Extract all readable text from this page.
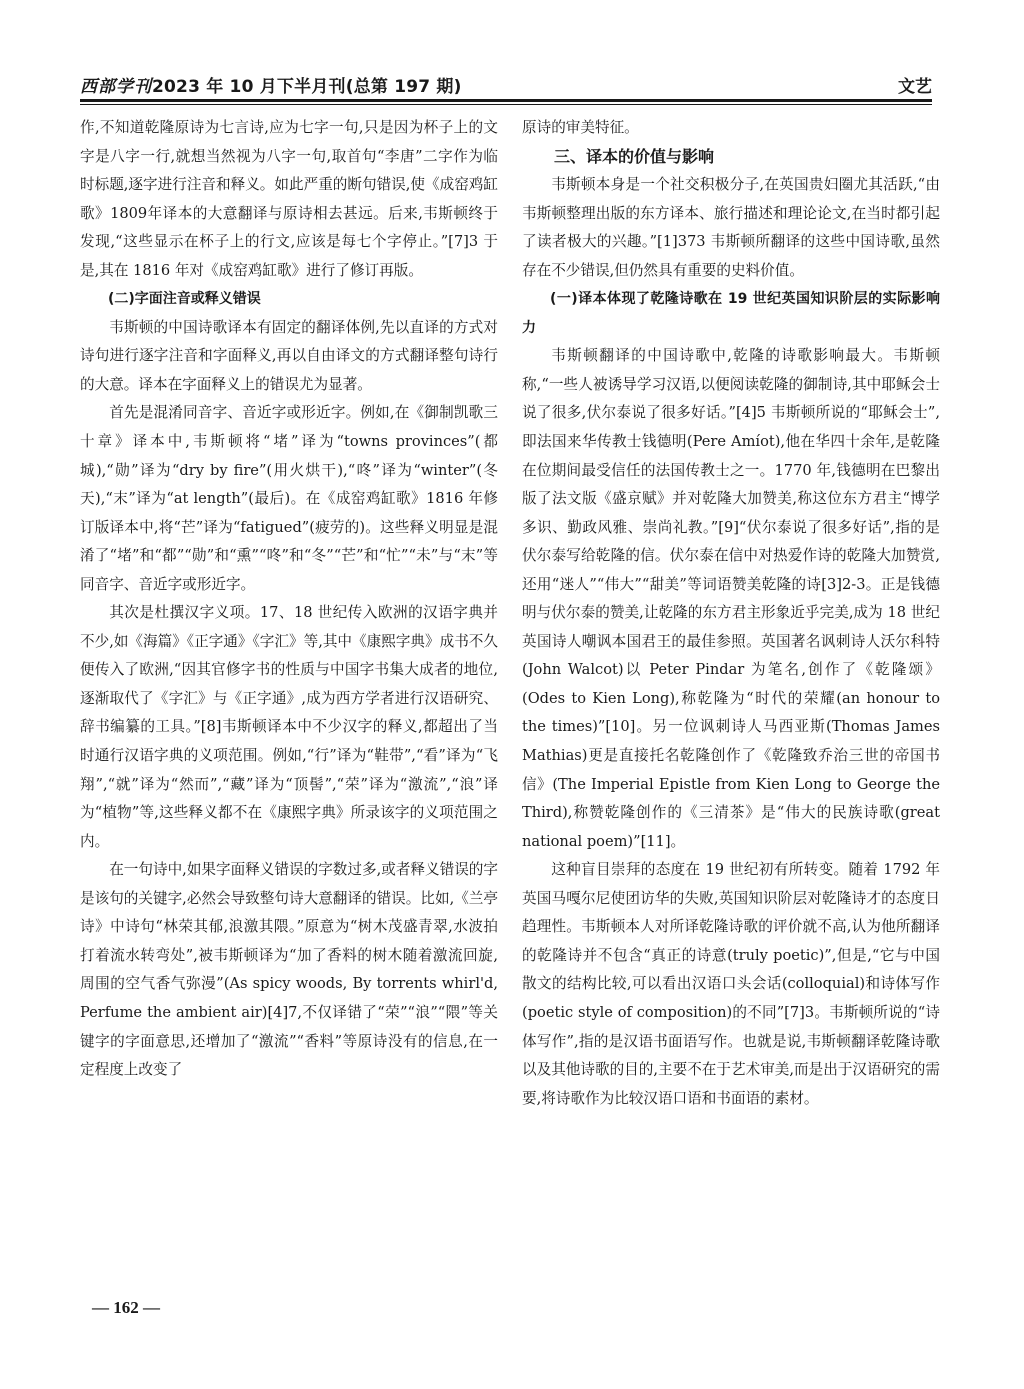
西部学刊2023 年 10 月下半月刊(总第 197 期)	文艺

作,不知道乾隆原诗为七言诗,应为七字一句,只是因为杯子上的文字是八字一行,就想当然视为八字一句,取首句“李唐”二字作为临时标题,逐字进行注音和释义。如此严重的断句错误,使《成窑鸡缸歌》1809年译本的大意翻译与原诗相去甚远。后来,韦斯顿终于发现,“这些显示在杯子上的行文,应该是每七个字停止。”[7]3 于是,其在 1816 年对《成窑鸡缸歌》进行了修订再版。

(二)字面注音或释义错误

韦斯顿的中国诗歌译本有固定的翻译体例,先以直译的方式对诗句进行逐字注音和字面释义,再以自由译文的方式翻译整句诗行的大意。译本在字面释义上的错误尤为显著。

首先是混淆同音字、音近字或形近字。例如,在《御制凯歌三十章》译本中,韦斯顿将“堵”译为“towns provinces”(都城),“勋”译为“dry by fire”(用火烘干),“咚”译为“winter”(冬天),“末”译为“at length”(最后)。在《成窑鸡缸歌》1816 年修订版译本中,将“芒”译为“fatigued”(疲劳的)。这些释义明显是混淆了“堵”和“都”“勋”和“熏”“咚”和“冬”“芒”和“忙”“未”与“末”等同音字、音近字或形近字。

其次是杜撰汉字义项。17、18 世纪传入欧洲的汉语字典并不少,如《海篇》《正字通》《字汇》等,其中《康熙字典》成书不久便传入了欧洲,“因其官修字书的性质与中国字书集大成者的地位,逐渐取代了《字汇》与《正字通》,成为西方学者进行汉语研究、辞书编纂的工具。”[8]韦斯顿译本中不少汉字的释义,都超出了当时通行汉语字典的义项范围。例如,“行”译为“鞋带”,“看”译为“飞翔”,“就”译为“然而”,“藏”译为“顶髻”,“荣”译为“激流”,“浪”译为“植物”等,这些释义都不在《康熙字典》所录该字的义项范围之内。

在一句诗中,如果字面释义错误的字数过多,或者释义错误的字是该句的关键字,必然会导致整句诗大意翻译的错误。比如,《兰亭诗》中诗句“林荣其郁,浪激其隈。”原意为“树木茂盛青翠,水波拍打着流水转弯处”,被韦斯顿译为“加了香料的树木随着激流回旋,周围的空气香气弥漫”(As spicy woods, By torrents whirl'd, Perfume the ambient air)[4]7,不仅译错了“荣”“浪”“隈”等关键字的字面意思,还增加了“激流”“香料”等原诗没有的信息,在一定程度上改变了

原诗的审美特征。

三、译本的价值与影响

韦斯顿本身是一个社交积极分子,在英国贵妇圈尤其活跃,“由韦斯顿整理出版的东方译本、旅行描述和理论论文,在当时都引起了读者极大的兴趣。”[1]373 韦斯顿所翻译的这些中国诗歌,虽然存在不少错误,但仍然具有重要的史料价值。

(一)译本体现了乾隆诗歌在 19 世纪英国知识阶层的实际影响力

韦斯顿翻译的中国诗歌中,乾隆的诗歌影响最大。韦斯顿称,“一些人被诱导学习汉语,以便阅读乾隆的御制诗,其中耶稣会士说了很多,伏尔泰说了很多好话。”[4]5 韦斯顿所说的“耶稣会士”,即法国来华传教士钱德明(Pere Amíot),他在华四十余年,是乾隆在位期间最受信任的法国传教士之一。1770 年,钱德明在巴黎出版了法文版《盛京赋》并对乾隆大加赞美,称这位东方君主“博学多识、勤政风雅、崇尚礼教。”[9]“伏尔泰说了很多好话”,指的是伏尔泰写给乾隆的信。伏尔泰在信中对热爱作诗的乾隆大加赞赏,还用“迷人”“伟大”“甜美”等词语赞美乾隆的诗[3]2-3。正是钱德明与伏尔泰的赞美,让乾隆的东方君主形象近乎完美,成为 18 世纪英国诗人嘲讽本国君王的最佳参照。英国著名讽刺诗人沃尔科特(John Walcot)以 Peter Pindar 为笔名,创作了《乾隆颂》(Odes to Kien Long),称乾隆为“时代的荣耀(an honour to the times)”[10]。另一位讽刺诗人马西亚斯(Thomas James Mathias)更是直接托名乾隆创作了《乾隆致乔治三世的帝国书信》(The Imperial Epistle from Kien Long to George the Third),称赞乾隆创作的《三清茶》是“伟大的民族诗歌(great national poem)”[11]。

这种盲目崇拜的态度在 19 世纪初有所转变。随着 1792 年英国马嘎尔尼使团访华的失败,英国知识阶层对乾隆诗才的态度日趋理性。韦斯顿本人对所译乾隆诗歌的评价就不高,认为他所翻译的乾隆诗并不包含“真正的诗意(truly poetic)”,但是,“它与中国散文的结构比较,可以看出汉语口头会话(colloquial)和诗体写作(poetic style of composition)的不同”[7]3。韦斯顿所说的“诗体写作”,指的是汉语书面语写作。也就是说,韦斯顿翻译乾隆诗歌以及其他诗歌的目的,主要不在于艺术审美,而是出于汉语研究的需要,将诗歌作为比较汉语口语和书面语的素材。

— 162 —
